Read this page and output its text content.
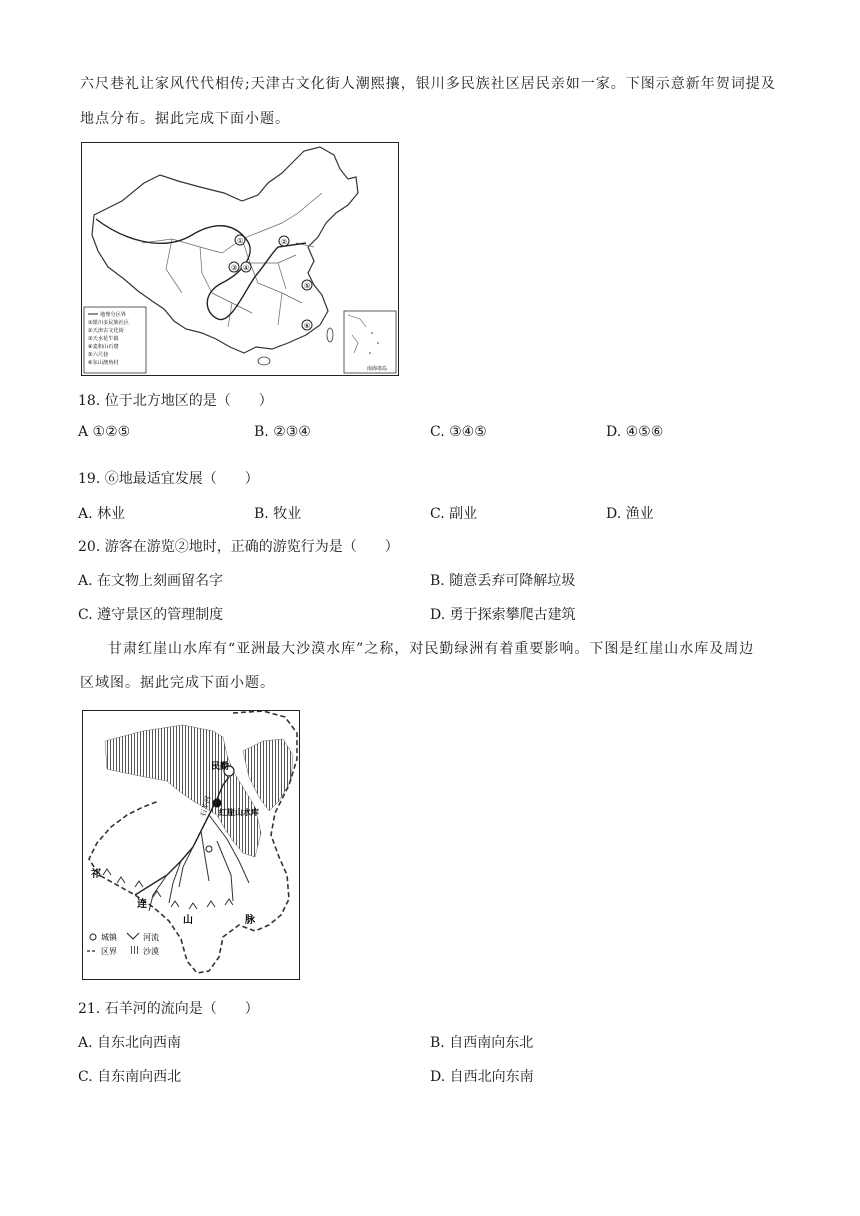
六尺巷礼让家风代代相传;天津古文化街人潮熙攘，银川多民族社区居民亲如一家。下图示意新年贺词提及
地点分布。据此完成下面小题。
①	②
③ ④
⑤
⑥
地理分区界
①银川多民族社区
②天津古文化街
③天水花牛镇
④麦积山石窟
⑤六尺巷
⑥东山澳角村
南海诸岛
18. 位于北方地区的是（　　）
A ①②⑤	B. ②③④	C. ③④⑤	D. ④⑤⑥
19. ⑥地最适宜发展（　　）
A. 林业	B. 牧业	C. 副业	D. 渔业
20. 游客在游览②地时，正确的游览行为是（　　）
A. 在文物上刻画留名字	B. 随意丢弃可降解垃圾
C. 遵守景区的管理制度	D. 勇于探索攀爬古建筑
甘肃红崖山水库有“亚洲最大沙漠水库”之称，对民勤绿洲有着重要影响。下图是红崖山水库及周边
区域图。据此完成下面小题。
民勤
红崖山水库
石羊河
祁
连
山	脉
城镇	河流
区界	沙漠
21. 石羊河的流向是（　　）
A. 自东北向西南	B. 自西南向东北
C. 自东南向西北	D. 自西北向东南
